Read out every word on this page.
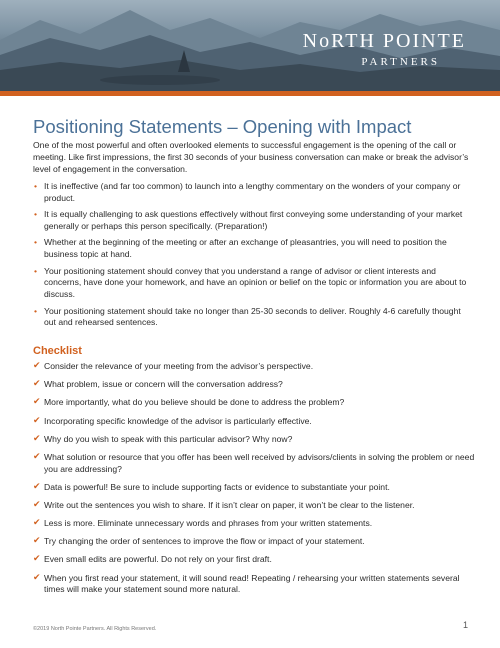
NoRTH POINTE
PARTNERS
Positioning Statements – Opening with Impact

One of the most powerful and often overlooked elements to successful engagement is the opening of the call or meeting. Like first impressions, the first 30 seconds of your business conversation can make or break the advisor’s level of engagement in the conversation.

• It is ineffective (and far too common) to launch into a lengthy commentary on the wonders of your company or product.
• It is equally challenging to ask questions effectively without first conveying some understanding of your market generally or perhaps this person specifically. (Preparation!)
• Whether at the beginning of the meeting or after an exchange of pleasantries, you will need to position the business topic at hand.
• Your positioning statement should convey that you understand a range of advisor or client interests and concerns, have done your homework, and have an opinion or belief on the topic or information you are about to discuss.
• Your positioning statement should take no longer than 25-30 seconds to deliver. Roughly 4-6 carefully thought out and rehearsed sentences.
Checklist
✔ Consider the relevance of your meeting from the advisor’s perspective.
✔ What problem, issue or concern will the conversation address?
✔ More importantly, what do you believe should be done to address the problem?
✔ Incorporating specific knowledge of the advisor is particularly effective.
✔ Why do you wish to speak with this particular advisor? Why now?
✔ What solution or resource that you offer has been well received by advisors/clients in solving the problem or need you are addressing?
✔ Data is powerful! Be sure to include supporting facts or evidence to substantiate your point.
✔ Write out the sentences you wish to share. If it isn’t clear on paper, it won’t be clear to the listener.
✔ Less is more. Eliminate unnecessary words and phrases from your written statements.
✔ Try changing the order of sentences to improve the flow or impact of your statement.
✔ Even small edits are powerful. Do not rely on your first draft.
✔ When you first read your statement, it will sound read! Repeating / rehearsing your written statements several times will make your statement sound more natural.
©2019 North Pointe Partners. All Rights Reserved.	1
